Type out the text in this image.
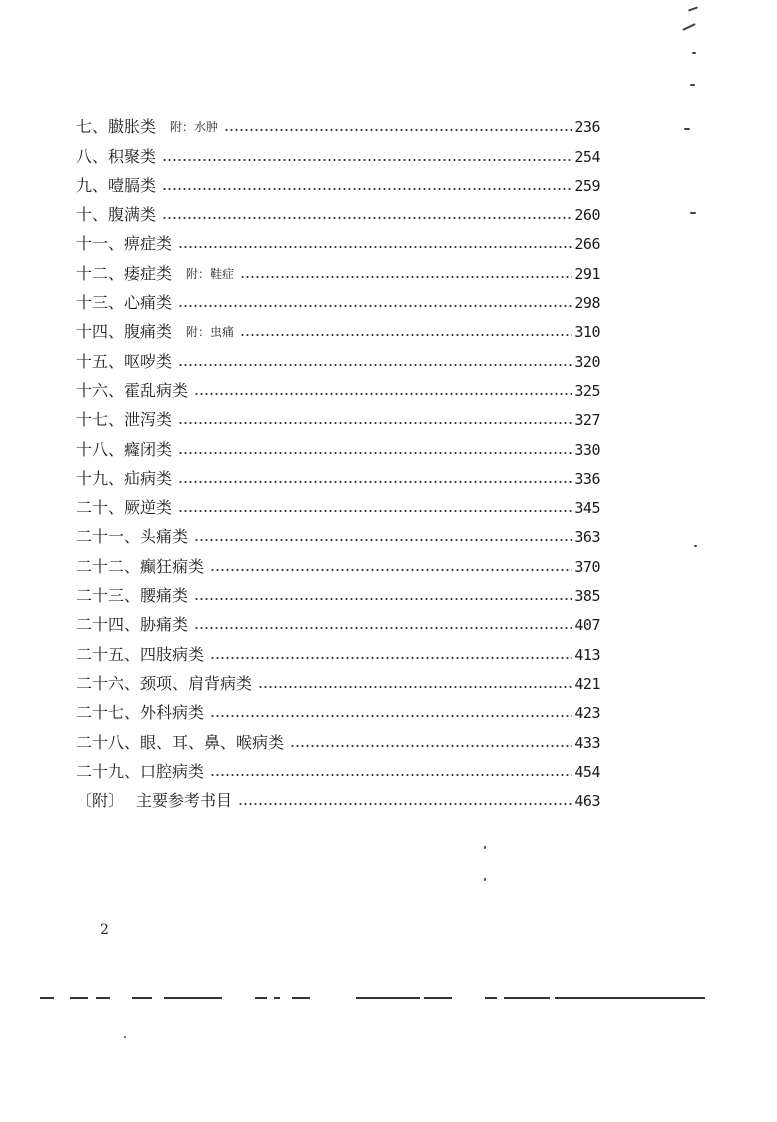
七、 臌胀类 附：水肿	236
八、 积聚类	254
九、 噎膈类	259
十、 腹满类	260
十一、 痹症类	266
十二、 痿症类 附：鞋症	291
十三、 心痛类	298
十四、 腹痛类 附：虫痛	310
十五、 呕哕类	320
十六、 霍乱病类	325
十七、 泄泻类	327
十八、 癃闭类	330
十九、 疝病类	336
二十、 厥逆类	345
二十一、 头痛类	363
二十二、 癫狂痫类	370
二十三、 腰痛类	385
二十四、 胁痛类	407
二十五、 四肢病类	413
二十六、 颈项、肩背病类	421
二十七、 外科病类	423
二十八、 眼、耳、鼻、喉病类	433
二十九、 口腔病类	454
〔附〕 主要参考书目	463
2
